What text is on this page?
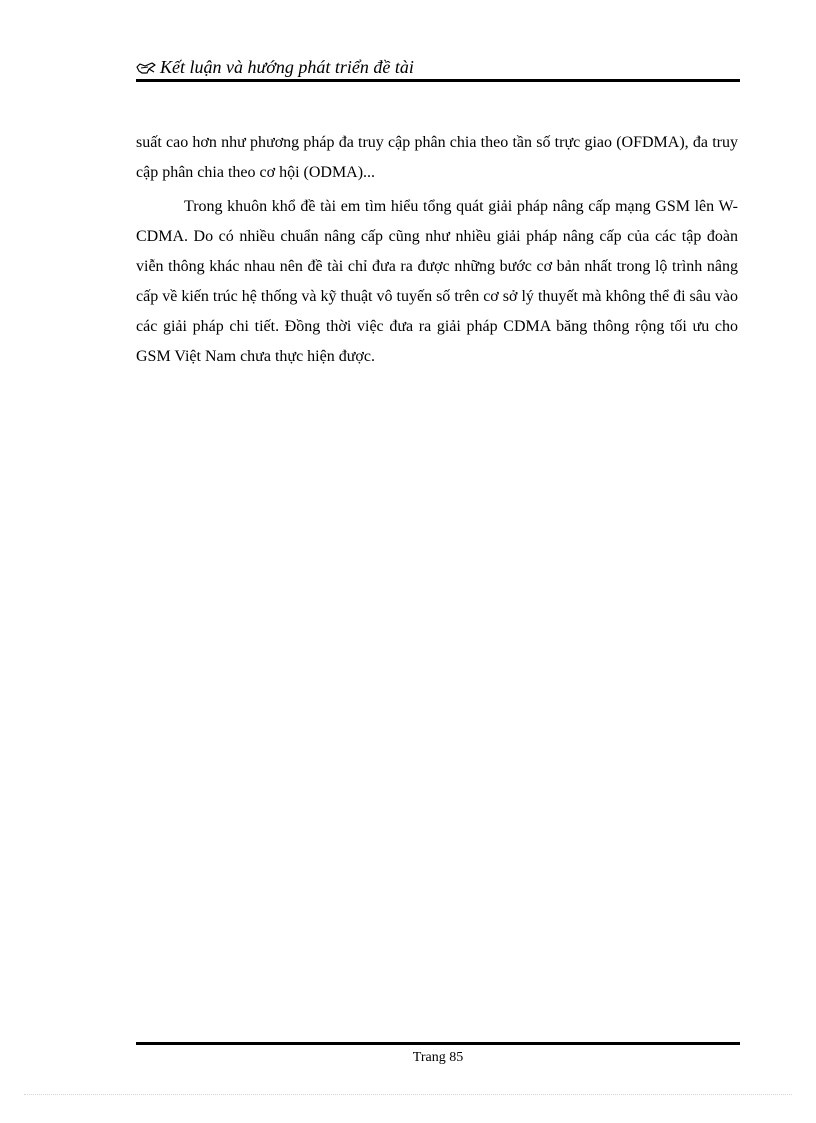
Kết luận và hướng phát triển đề tài

suất cao hơn như phương pháp đa truy cập phân chia theo tần số trực giao (OFDMA), đa truy cập phân chia theo cơ hội (ODMA)...

Trong khuôn khổ đề tài em tìm hiểu tổng quát giải pháp nâng cấp mạng GSM lên W-CDMA. Do có nhiều chuẩn nâng cấp cũng như nhiều giải pháp nâng cấp của các tập đoàn viễn thông khác nhau nên đề tài chỉ đưa ra được những bước cơ bản nhất trong lộ trình nâng cấp về kiến trúc hệ thống và kỹ thuật vô tuyến số trên cơ sở lý thuyết mà không thể đi sâu vào các giải pháp chi tiết. Đồng thời việc đưa ra giải pháp CDMA băng thông rộng tối ưu cho GSM Việt Nam chưa thực hiện được.

Trang 85
